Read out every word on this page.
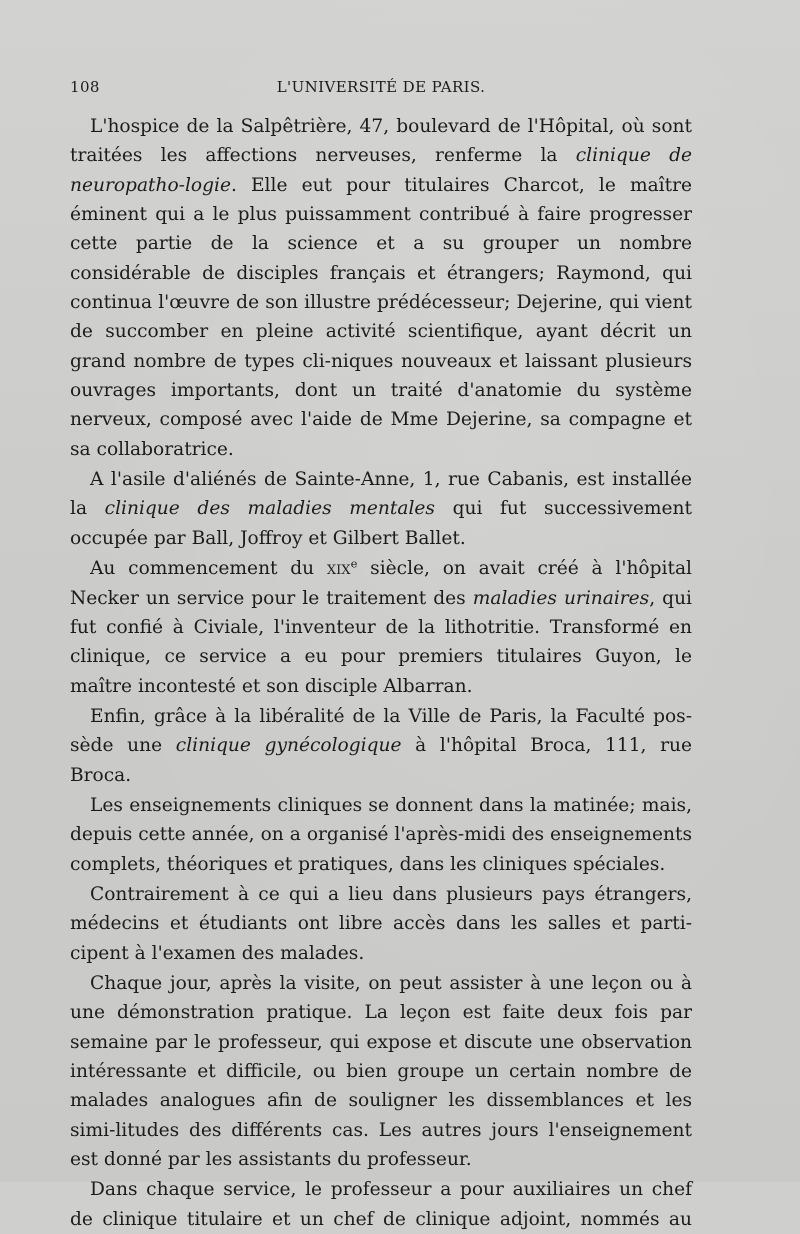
108	L'UNIVERSITÉ DE PARIS.

L'hospice de la Salpêtrière, 47, boulevard de l'Hôpital, où sont traitées les affections nerveuses, renferme la clinique de neuropatho-logie. Elle eut pour titulaires Charcot, le maître éminent qui a le plus puissamment contribué à faire progresser cette partie de la science et a su grouper un nombre considérable de disciples français et étrangers; Raymond, qui continua l'œuvre de son illustre prédécesseur; Dejerine, qui vient de succomber en pleine activité scientifique, ayant décrit un grand nombre de types cli-niques nouveaux et laissant plusieurs ouvrages importants, dont un traité d'anatomie du système nerveux, composé avec l'aide de Mme Dejerine, sa compagne et sa collaboratrice.

A l'asile d'aliénés de Sainte-Anne, 1, rue Cabanis, est installée la clinique des maladies mentales qui fut successivement occupée par Ball, Joffroy et Gilbert Ballet.

Au commencement du xix$^e$ siècle, on avait créé à l'hôpital Necker un service pour le traitement des maladies urinaires, qui fut confié à Civiale, l'inventeur de la lithotritie. Transformé en clinique, ce service a eu pour premiers titulaires Guyon, le maître incontesté et son disciple Albarran.

Enfin, grâce à la libéralité de la Ville de Paris, la Faculté pos-sède une clinique gynécologique à l'hôpital Broca, 111, rue Broca.

Les enseignements cliniques se donnent dans la matinée; mais, depuis cette année, on a organisé l'après-midi des enseignements complets, théoriques et pratiques, dans les cliniques spéciales.

Contrairement à ce qui a lieu dans plusieurs pays étrangers, médecins et étudiants ont libre accès dans les salles et parti-cipent à l'examen des malades.

Chaque jour, après la visite, on peut assister à une leçon ou à une démonstration pratique. La leçon est faite deux fois par semaine par le professeur, qui expose et discute une observation intéressante et difficile, ou bien groupe un certain nombre de malades analogues afin de souligner les dissemblances et les simi-litudes des différents cas. Les autres jours l'enseignement est donné par les assistants du professeur.

Dans chaque service, le professeur a pour auxiliaires un chef de clinique titulaire et un chef de clinique adjoint, nommés au
